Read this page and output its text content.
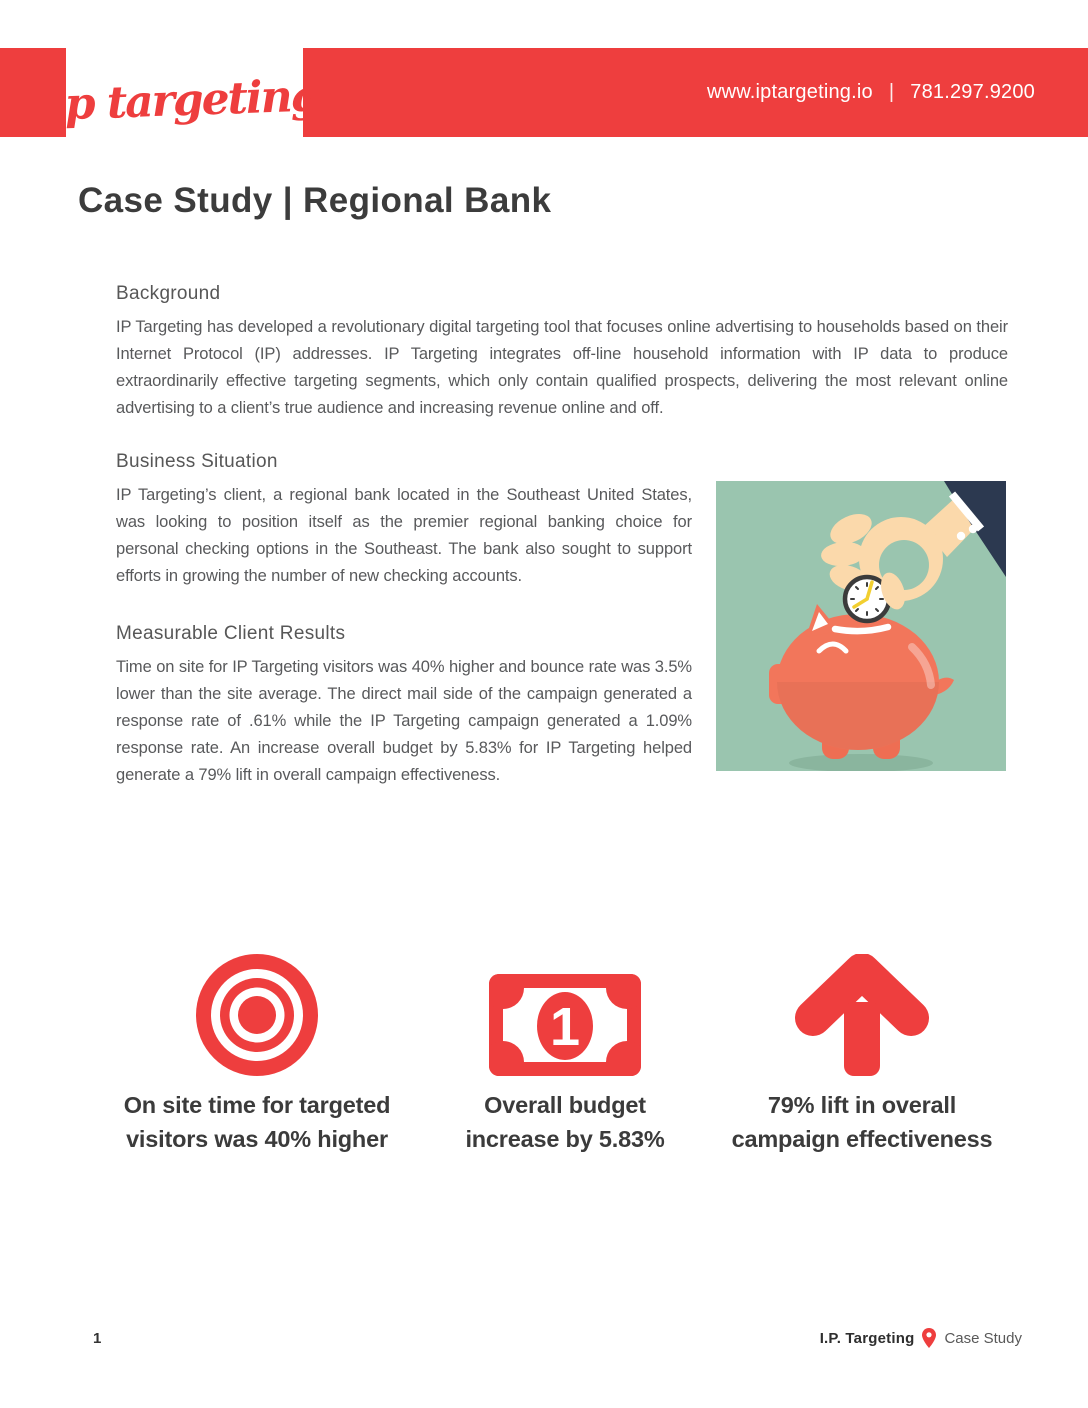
www.iptargeting.io | 781.297.9200
ip targeting
Case Study | Regional Bank
Background

IP Targeting has developed a revolutionary digital targeting tool that focuses online advertising to households based on their Internet Protocol (IP) addresses. IP Targeting integrates off-line household information with IP data to produce extraordinarily effective targeting segments, which only contain qualified prospects, delivering the most relevant online advertising to a client’s true audience and increasing revenue online and off.

Business Situation

IP Targeting’s client, a regional bank located in the Southeast United States, was looking to position itself as the premier regional banking choice for personal checking options in the Southeast. The bank also sought to support efforts in growing the number of new checking accounts.

Measurable Client Results

Time on site for IP Targeting visitors was 40% higher and bounce rate was 3.5% lower than the site average. The direct mail side of the campaign generated a response rate of .61% while the IP Targeting campaign generated a 1.09% response rate. An increase overall budget by 5.83% for IP Targeting helped generate a 79% lift in overall campaign effectiveness.

On site time for targeted
visitors was 40% higher
1
Overall budget
increase by 5.83%
79% lift in overall
campaign effectiveness
1	I.P. Targeting Case Study
